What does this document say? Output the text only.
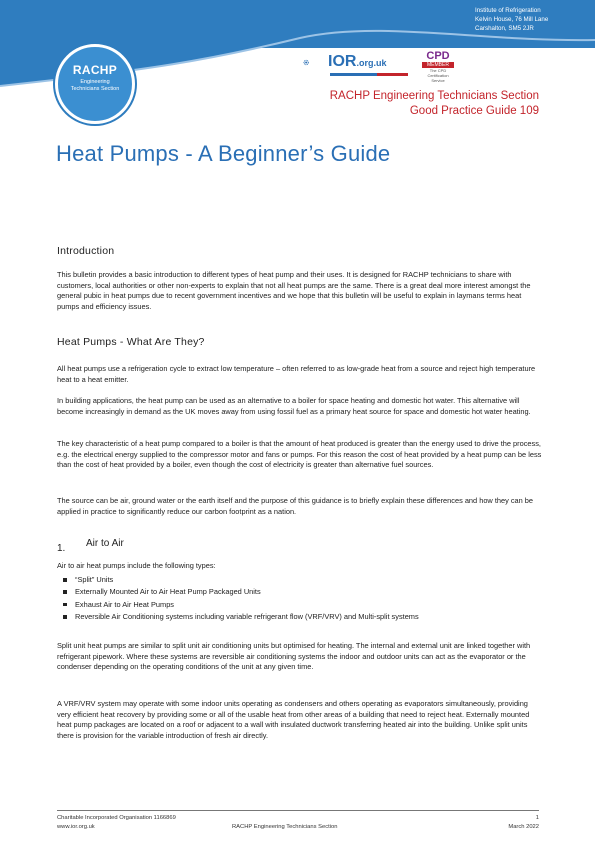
RACHP
Engineering Technicians Section
Institute of Refrigeration
Kelvin House, 76 Mill Lane
Carshalton, SM5 2JR
IOR.org.uk
CPD
MEMBER
The CPD Certification Service
RACHP Engineering Technicians Section
Good Practice Guide 109
Heat Pumps - A Beginner’s Guide
Introduction

This bulletin provides a basic introduction to different types of heat pump and their uses. It is designed for RACHP technicians to share with customers, local authorities or other non-experts to explain that not all heat pumps are the same. There is a great deal more interest amongst the general pubic in heat pumps due to recent government incentives and we hope that this bulletin will be useful to explain in laymans terms heat pumps and efficiency issues.

Heat Pumps - What Are They?

All heat pumps use a refrigeration cycle to extract low temperature – often referred to as low-grade heat from a source and reject high temperature heat to a heat emitter.

In building applications, the heat pump can be used as an alternative to a boiler for space heating and domestic hot water. This alternative will become increasingly in demand as the UK moves away from using fossil fuel as a primary heat source for space and domestic hot water heating.

The key characteristic of a heat pump compared to a boiler is that the amount of heat produced is greater than the energy used to drive the process, e.g. the electrical energy supplied to the compressor motor and fans or pumps. For this reason the cost of heat provided by a heat pump can be less than the cost of heat provided by a boiler, even though the cost of electricity is greater than alternative fuel sources.

The source can be air, ground water or the earth itself and the purpose of this guidance is to briefly explain these differences and how they can be applied in practice to significantly reduce our carbon footprint as a nation.

1. Air to Air

Air to air heat pumps include the following types:

“Split” Units
Externally Mounted Air to Air Heat Pump Packaged Units
Exhaust Air to Air Heat Pumps
Reversible Air Conditioning systems including variable refrigerant flow (VRF/VRV) and Multi-split systems

Split unit heat pumps are similar to split unit air conditioning units but optimised for heating. The internal and external unit are linked together with refrigerant pipework. Where these systems are reversible air conditioning systems the indoor and outdoor units can act as the evaporator or the condenser depending on the operating conditions of the unit at any given time.

A VRF/VRV system may operate with some indoor units operating as condensers and others operating as evaporators simultaneously, providing very efficient heat recovery by providing some or all of the usable heat from other areas of a building that need to reject heat. Externally mounted heat pump packages are located on a roof or adjacent to a wall with insulated ductwork transferring heated air into the building. Unlike split units there is provision for the variable introduction of fresh air directly.

Charitable Incorporated Organisation 1166869
www.ior.org.uk	RACHP Engineering Technicians Section
1
March 2022
